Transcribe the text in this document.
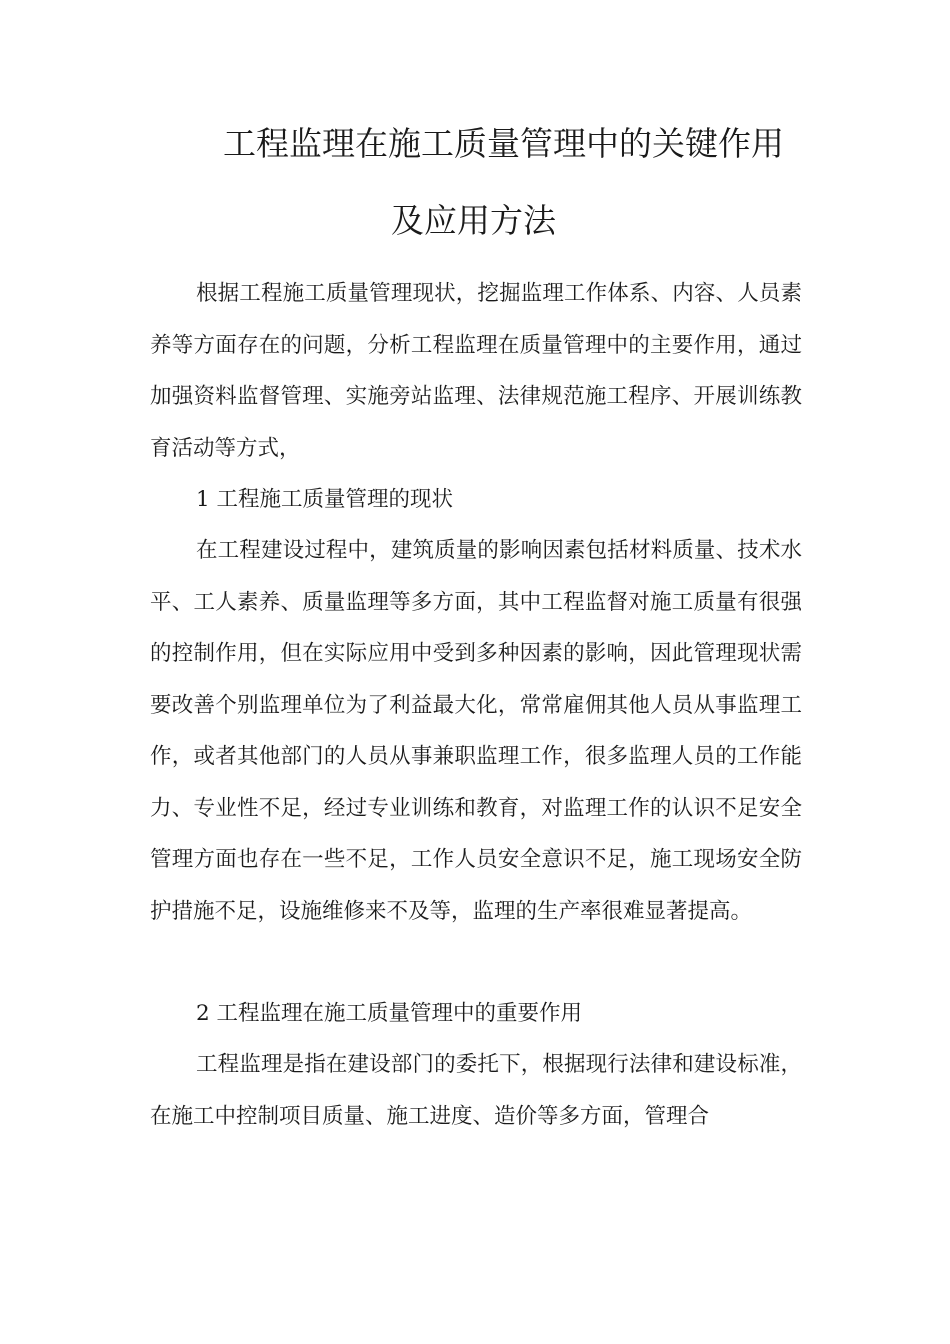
工程监理在施工质量管理中的关键作用
及应用方法

根据工程施工质量管理现状，挖掘监理工作体系、内容、人员素养等方面存在的问题，分析工程监理在质量管理中的主要作用，通过加强资料监督管理、实施旁站监理、法律规范施工程序、开展训练教育活动等方式，

1 工程施工质量管理的现状

在工程建设过程中，建筑质量的影响因素包括材料质量、技术水平、工人素养、质量监理等多方面，其中工程监督对施工质量有很强的控制作用，但在实际应用中受到多种因素的影响，因此管理现状需要改善个别监理单位为了利益最大化，常常雇佣其他人员从事监理工作，或者其他部门的人员从事兼职监理工作，很多监理人员的工作能力、专业性不足，经过专业训练和教育，对监理工作的认识不足安全管理方面也存在一些不足，工作人员安全意识不足，施工现场安全防护措施不足，设施维修来不及等，监理的生产率很难显著提高。

2 工程监理在施工质量管理中的重要作用

工程监理是指在建设部门的委托下，根据现行法律和建设标准，在施工中控制项目质量、施工进度、造价等多方面，管理合
